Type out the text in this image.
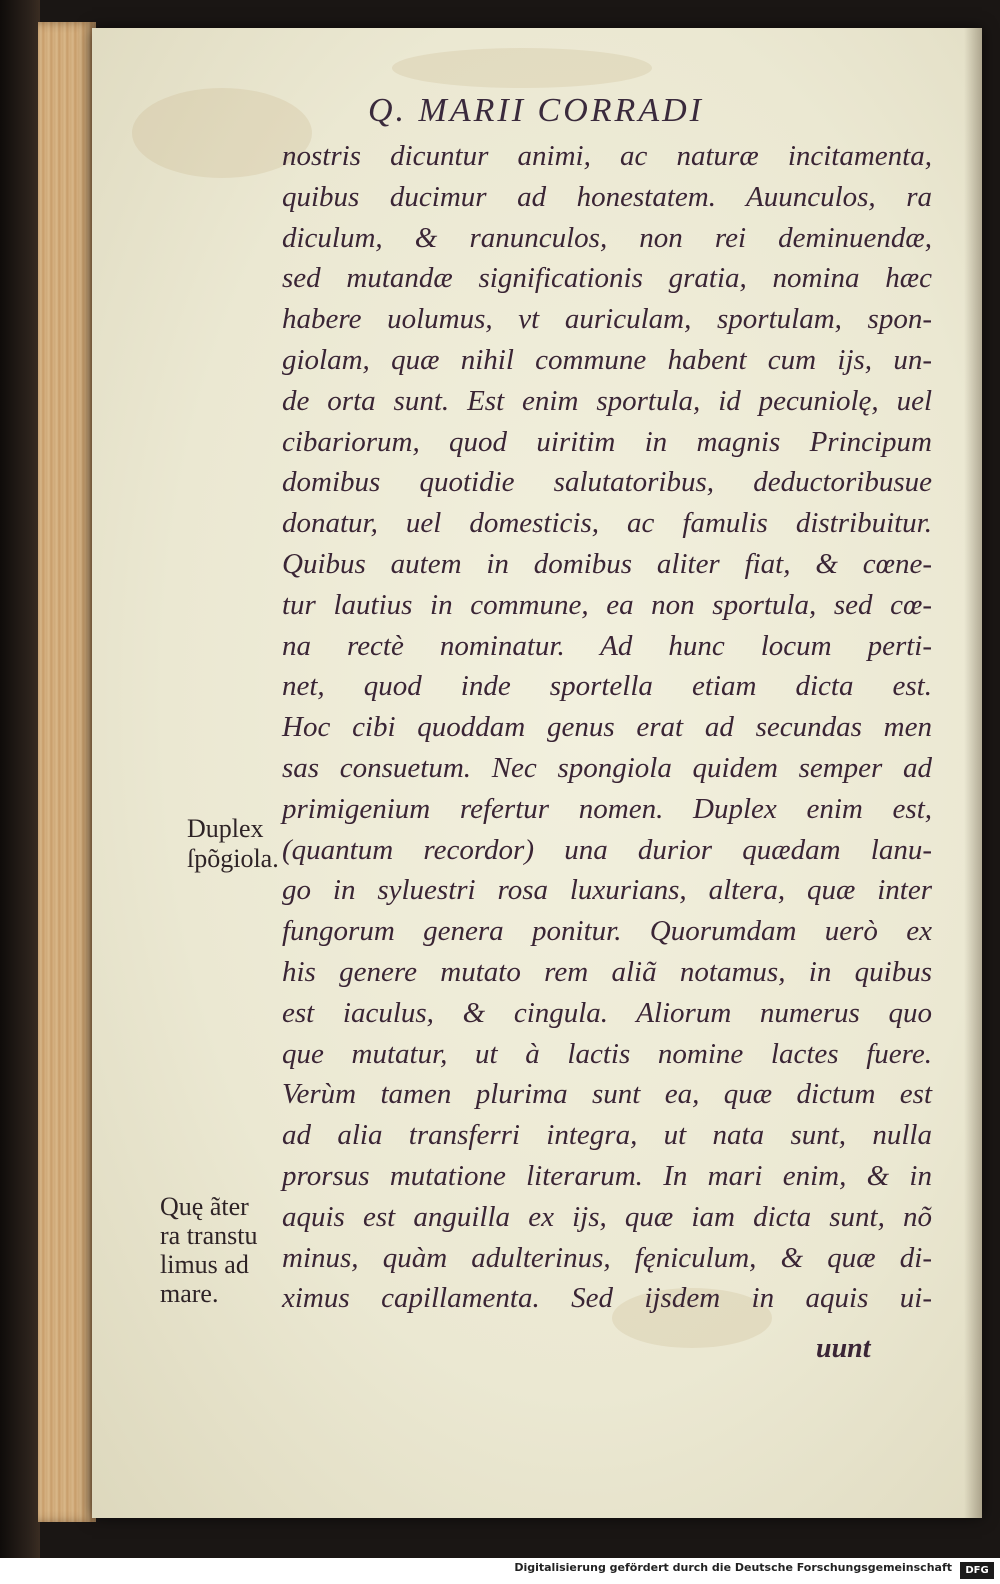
Q. MARII CORRADI
nostris dicuntur animi, ac naturæ incitamenta,
quibus ducimur ad honestatem. Auunculos, ra
diculum, & ranunculos, non rei deminuendæ,
sed mutandæ significationis gratia, nomina hæc
habere uolumus, vt auriculam, sportulam, spon-
giolam, quæ nihil commune habent cum ijs, un-
de orta sunt. Est enim sportula, id pecuniolę, uel
cibariorum, quod uiritim in magnis Principum
domibus quotidie salutatoribus, deductoribusue
donatur, uel domesticis, ac famulis distribuitur.
Quibus autem in domibus aliter fiat, & cœne-
tur lautius in commune, ea non sportula, sed cœ-
na rectè nominatur. Ad hunc locum perti-
net, quod inde sportella etiam dicta est.
Hoc cibi quoddam genus erat ad secundas men
sas consuetum. Nec spongiola quidem semper ad
primigenium refertur nomen. Duplex enim est,
(quantum recordor) una durior quædam lanu-
go in syluestri rosa luxurians, altera, quæ inter
fungorum genera ponitur. Quorumdam uerò ex
his genere mutato rem aliã notamus, in quibus
est iaculus, & cingula. Aliorum numerus quo
que mutatur, ut à lactis nomine lactes fuere.
Verùm tamen plurima sunt ea, quæ dictum est
ad alia transferri integra, ut nata sunt, nulla
prorsus mutatione literarum. In mari enim, & in
aquis est anguilla ex ijs, quæ iam dicta sunt, nõ
minus, quàm adulterinus, fęniculum, & quæ di-
ximus capillamenta. Sed ijsdem in aquis ui-
uunt
Duplex
ſpõgiola.
Quę ãter
ra transtu
limus ad
mare.
Digitalisierung gefördert durch die Deutsche Forschungsgemeinschaft	DFG
